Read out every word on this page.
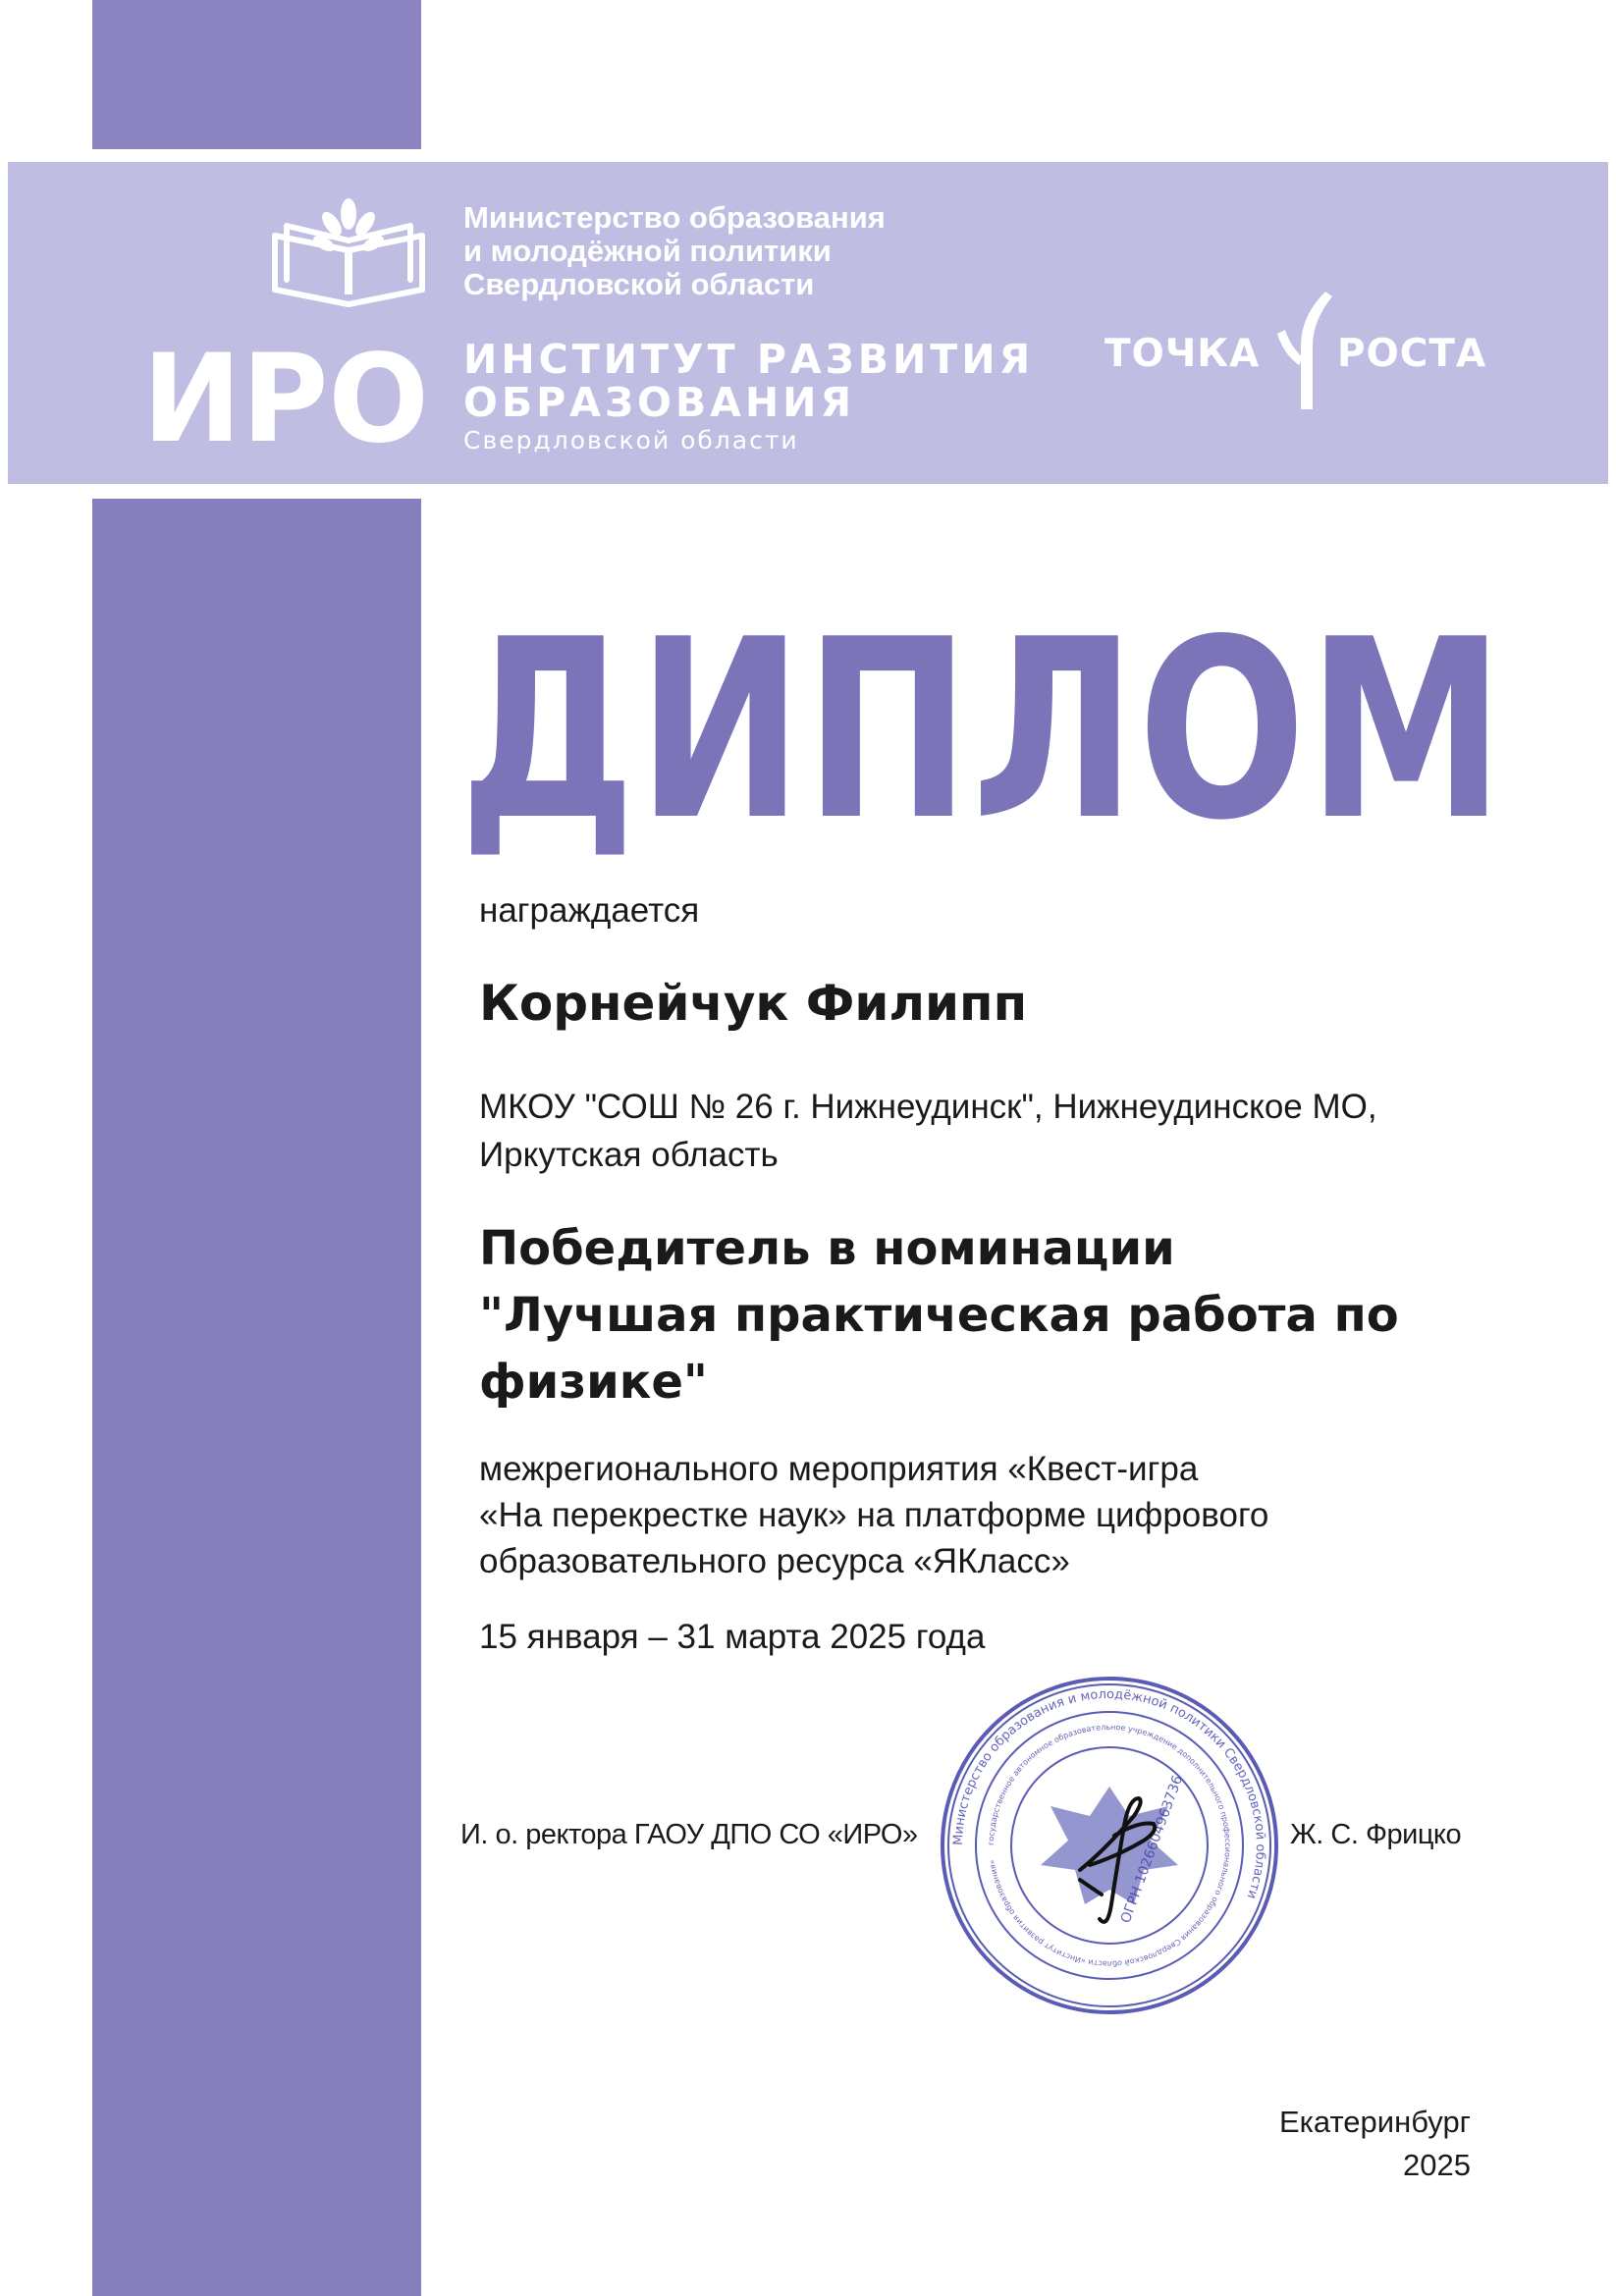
Министерство образования
и молодёжной политики
Свердловской области
ИРО ИНСТИТУТ РАЗВИТИЯ
ОБРАЗОВАНИЯ
Свердловской области
ТОЧКА РОСТА
ДИПЛОМ
награждается
Корнейчук Филипп
МКОУ "СОШ № 26 г. Нижнеудинск", Нижнеудинское МО,
Иркутская область
Победитель в номинации
"Лучшая практическая работа по
физике"
межрегионального мероприятия «Квест-игра
«На перекрестке наук» на платформе цифрового
образовательного ресурса «ЯКласс»
15 января – 31 марта 2025 года
И. о. ректора ГАОУ ДПО СО «ИРО»	Ж. С. Фрицко
Министерство образования и молодёжной политики Свердловской области
государственное автономное образовательное учреждение дополнительного профессионального образования Свердловской области «Институт развития образования»	ОГРН 1026604963736
Екатеринбург
2025
